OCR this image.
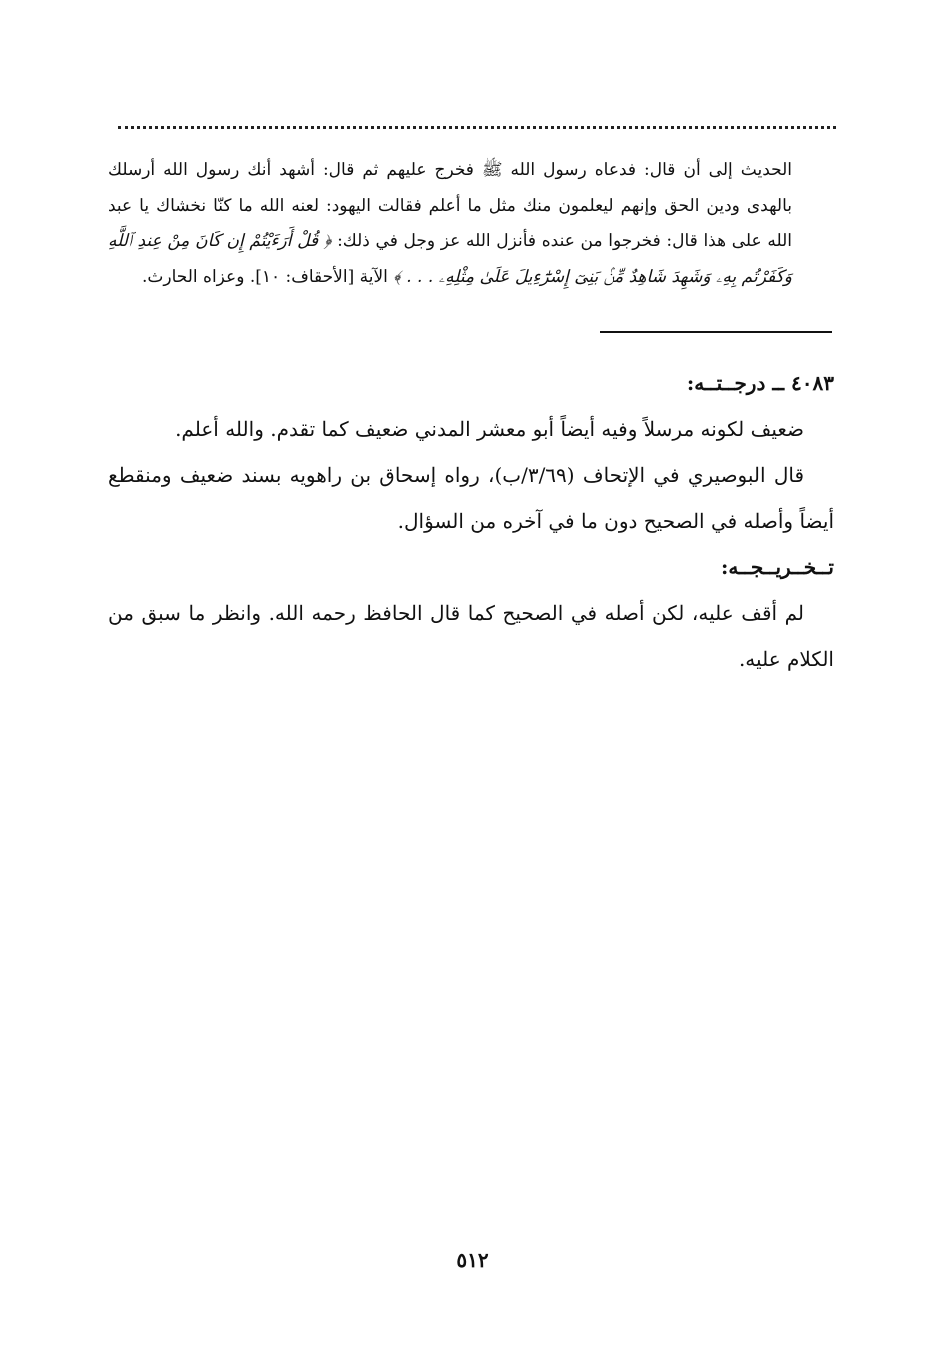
الحديث إلى أن قال: فدعاه رسول الله ﷺ فخرج عليهم ثم قال: أشهد أنك رسول الله أرسلك بالهدى ودين الحق وإنهم ليعلمون منك مثل ما أعلم فقالت اليهود: لعنه الله ما كنّا نخشاك يا عبد الله على هذا قال: فخرجوا من عنده فأنزل الله عز وجل في ذلك: ﴿ قُلْ أَرَءَيْتُمْ إِن كَانَ مِنْ عِندِ ٱللَّهِ وَكَفَرْتُم بِهِۦ وَشَهِدَ شَاهِدٌ مِّنۢ بَنِىٓ إِسْرَٰٓءِيلَ عَلَىٰ مِثْلِهِۦ . . . ﴾ الآية [الأحقاف: ١٠]. وعزاه الحارث.

٤٠٨٣ ــ درجــتــه:

ضعيف لكونه مرسلاً وفيه أيضاً أبو معشر المدني ضعيف كما تقدم. والله أعلم.

قال البوصيري في الإتحاف (٣/٦٩/ب)، رواه إسحاق بن راهويه بسند ضعيف ومنقطع أيضاً وأصله في الصحيح دون ما في آخره من السؤال.

تــخــريــجــه:

لم أقف عليه، لكن أصله في الصحيح كما قال الحافظ رحمه الله. وانظر ما سبق من الكلام عليه.

٥١٢
